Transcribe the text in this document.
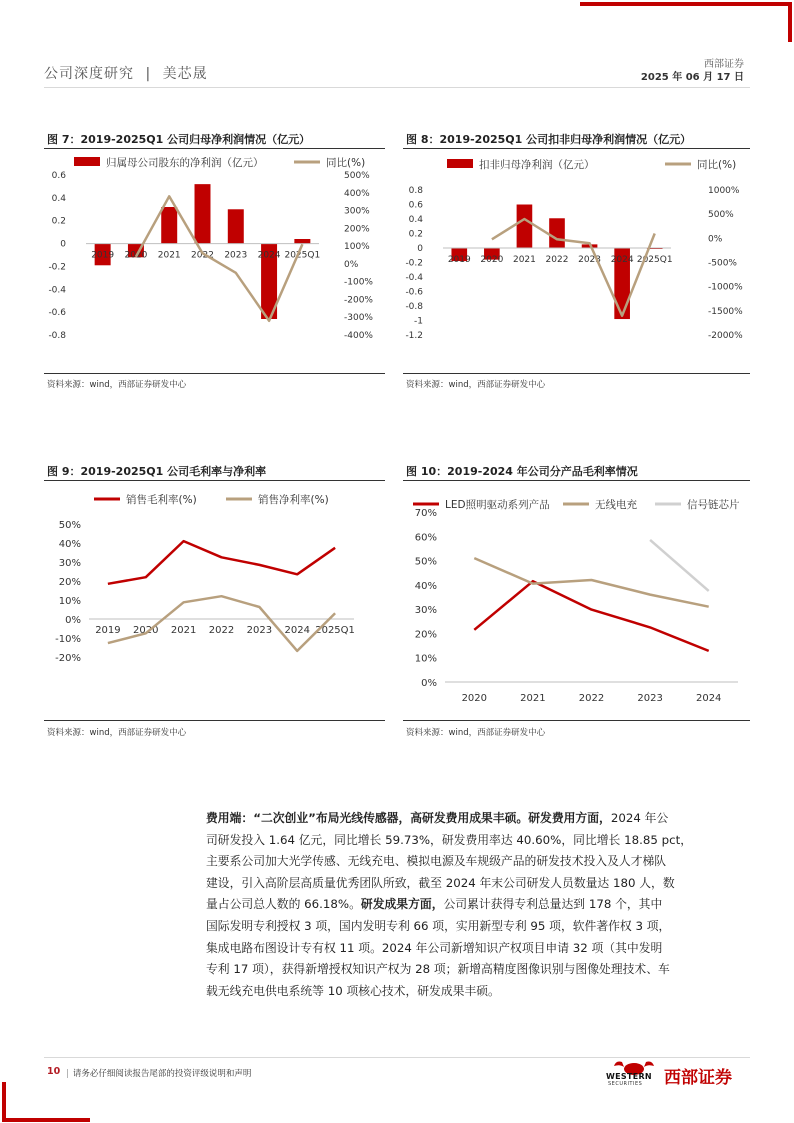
公司深度研究 | 美芯晟
西部证券
2025 年 06 月 17 日
图 7：2019-2025Q1 公司归母净利润情况（亿元）	图 8：2019-2025Q1 公司扣非归母净利润情况（亿元）
资料来源：wind，西部证券研发中心	资料来源：wind，西部证券研发中心
图 9：2019-2025Q1 公司毛利率与净利率	图 10：2019-2024 年公司分产品毛利率情况
资料来源：wind，西部证券研发中心	资料来源：wind，西部证券研发中心
归属母公司股东的净利润（亿元）	同比(%)
-0.8
-0.6
-0.4
-0.2
0
0.2
0.4
0.6
-400%
-300%
-200%
-100%
0%
100%
200%
300%
400%
500%
2019 2020 2021 2022 2023 2024 2025Q1
扣非归母净利润（亿元）	同比(%)
-1.2
-1
-0.8
-0.6
-0.4
-0.2
0
0.2
0.4
0.6
0.8
-2000%
-1500%
-1000%
-500%
0%
500%
1000%
2019 2020 2021 2022 2023 2024 2025Q1
销售毛利率(%)	销售净利率(%)
-20%
-10%
0%
10%
20%
30%
40%
50%
2019 2020 2021 2022 2023 2024 2025Q1
LED照明驱动系列产品	无线电充	信号链芯片
0%
10%
20%
30%
40%
50%
60%
70%
2020	2021	2022	2023	2024
费用端：“二次创业”布局光线传感器，高研发费用成果丰硕。研发费用方面，2024 年公
司研发投入 1.64 亿元，同比增长 59.73%，研发费用率达 40.60%，同比增长 18.85 pct，
主要系公司加大光学传感、无线充电、模拟电源及车规级产品的研发技术投入及人才梯队
建设，引入高阶层高质量优秀团队所致，截至 2024 年末公司研发人员数量达 180 人，数
量占公司总人数的 66.18%。研发成果方面，公司累计获得专利总量达到 178 个，其中
国际发明专利授权 3 项，国内发明专利 66 项，实用新型专利 95 项，软件著作权 3 项，
集成电路布图设计专有权 11 项。2024 年公司新增知识产权项目申请 32 项（其中发明
专利 17 项），获得新增授权知识产权为 28 项；新增高精度图像识别与图像处理技术、车
载无线充电供电系统等 10 项核心技术，研发成果丰硕。
10 | 请务必仔细阅读报告尾部的投资评级说明和声明	WESTERN
SECURITIES 西部证券
